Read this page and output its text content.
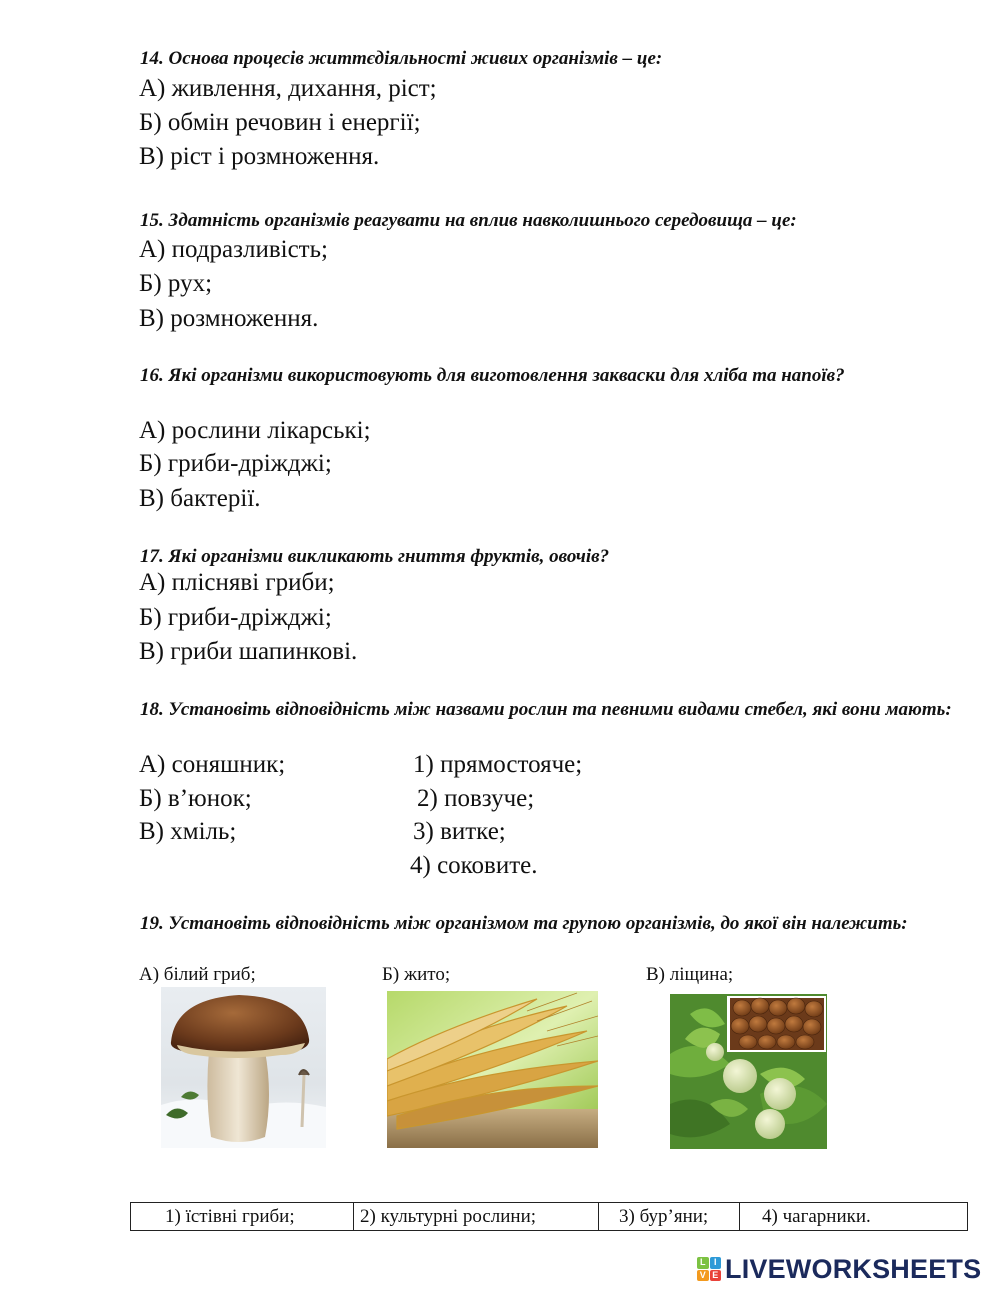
14. Основа процесів життєдіяльності живих організмів – це:
А) живлення, дихання, ріст;
Б) обмін речовин і енергії;
В) ріст і розмноження.
15. Здатність організмів реагувати на вплив навколишнього середовища – це:
А) подразливість;
Б) рух;
В) розмноження.
16. Які організми використовують для виготовлення закваски для хліба та напоїв?
А) рослини лікарські;
Б) гриби-дріжджі;
В) бактерії.
17. Які організми викликають гниття фруктів, овочів?
А) плісняві гриби;
Б) гриби-дріжджі;
В) гриби шапинкові.
18. Установіть відповідність між назвами рослин та певними видами стебел, які вони мають:
А) соняшник;
Б) в’юнок;
В) хміль;
1) прямостояче;
2) повзуче;
3) витке;
4) соковите.
19. Установіть відповідність між організмом та групою організмів, до якої він належить:
А) білий гриб;	Б) жито;	В) ліщина;
1) їстівні гриби;	2) культурні рослини;	3) бур’яни;	4) чагарники.
L I
V E LIVEWORKSHEETS
